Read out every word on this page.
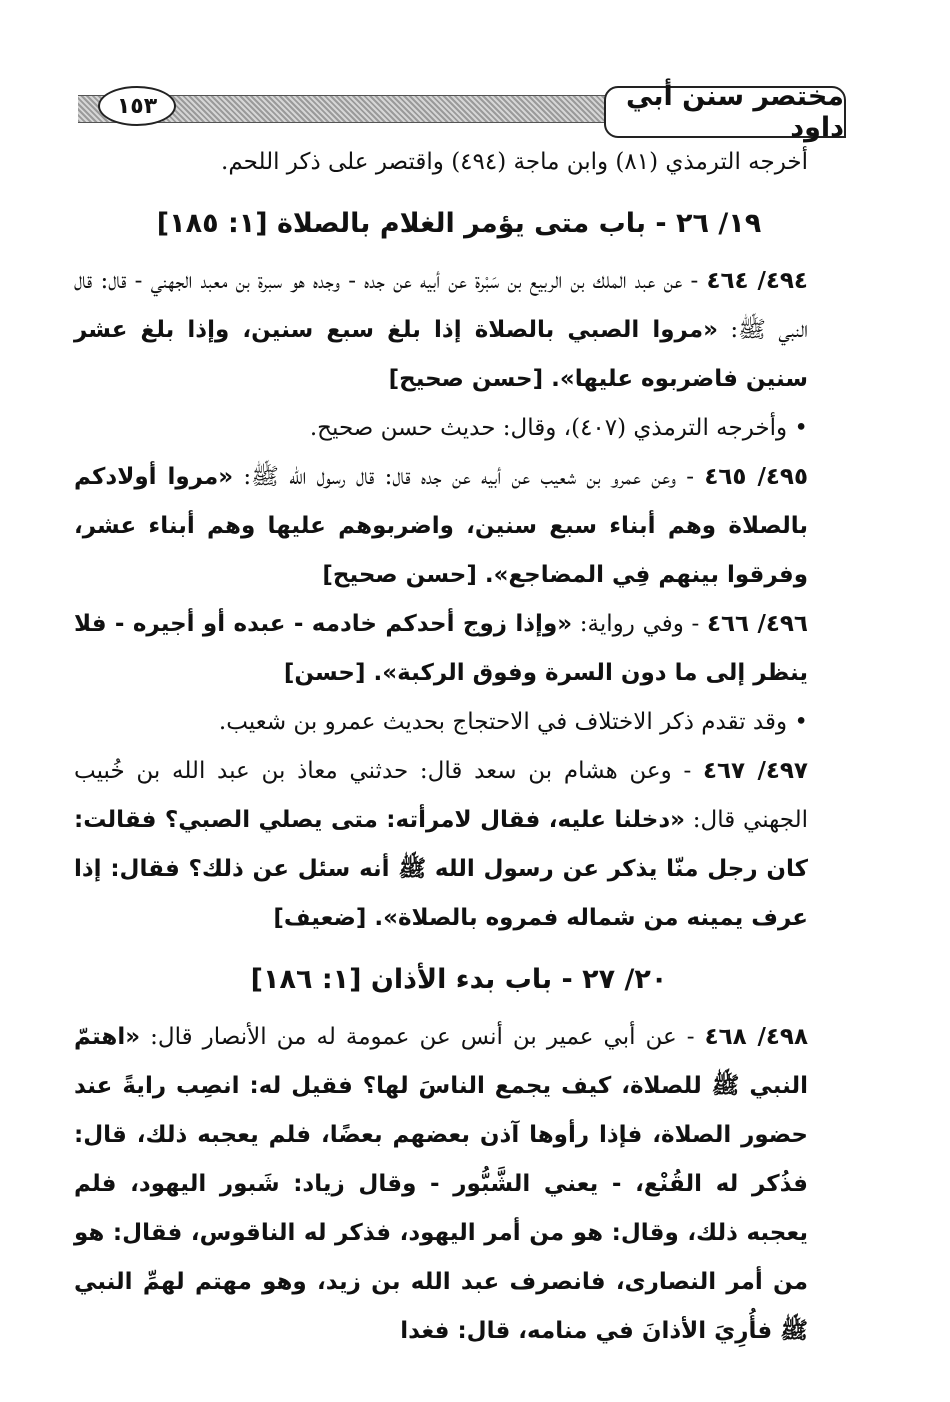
١٥٣	مختصر سنن أبي داود

أخرجه الترمذي (٨١) وابن ماجة (٤٩٤) واقتصر على ذكر اللحم.

١٩/ ٢٦ - باب متى يؤمر الغلام بالصلاة [١: ١٨٥]

٤٩٤/ ٤٦٤ - عن عبد الملك بن الربيع بن سَبْرة عن أبيه عن جده - وجده هو سبرة بن معبد الجهني - قال: قال النبي ﷺ: «مروا الصبي بالصلاة إذا بلغ سبع سنين، وإذا بلغ عشر سنين فاضربوه عليها». [حسن صحيح]

• وأخرجه الترمذي (٤٠٧)، وقال: حديث حسن صحيح.

٤٩٥/ ٤٦٥ - وعن عمرو بن شعيب عن أبيه عن جده قال: قال رسول الله ﷺ: «مروا أولادكم بالصلاة وهم أبناء سبع سنين، واضربوهم عليها وهم أبناء عشر، وفرقوا بينهم فِي المضاجع». [حسن صحيح]

٤٩٦/ ٤٦٦ - وفي رواية: «وإذا زوج أحدكم خادمه - عبده أو أجيره - فلا ينظر إلى ما دون السرة وفوق الركبة». [حسن]

• وقد تقدم ذكر الاختلاف في الاحتجاج بحديث عمرو بن شعيب.

٤٩٧/ ٤٦٧ - وعن هشام بن سعد قال: حدثني معاذ بن عبد الله بن خُبيب الجهني قال: «دخلنا عليه، فقال لامرأته: متى يصلي الصبي؟ فقالت: كان رجل منّا يذكر عن رسول الله ﷺ أنه سئل عن ذلك؟ فقال: إذا عرف يمينه من شماله فمروه بالصلاة». [ضعيف]

٢٠/ ٢٧ - باب بدء الأذان [١: ١٨٦]

٤٩٨/ ٤٦٨ - عن أبي عمير بن أنس عن عمومة له من الأنصار قال: «اهتمّ النبي ﷺ للصلاة، كيف يجمع الناسَ لها؟ فقيل له: انصِب رايةً عند حضور الصلاة، فإذا رأوها آذن بعضهم بعضًا، فلم يعجبه ذلك، قال: فذُكر له القُنْع، - يعني الشَّبُّور - وقال زياد: شَبور اليهود، فلم يعجبه ذلك، وقال: هو من أمر اليهود، فذكر له الناقوس، فقال: هو من أمر النصارى، فانصرف عبد الله بن زيد، وهو مهتم لهمِّ النبي ﷺ فأُرِيَ الأذانَ في منامه، قال: فغدا
